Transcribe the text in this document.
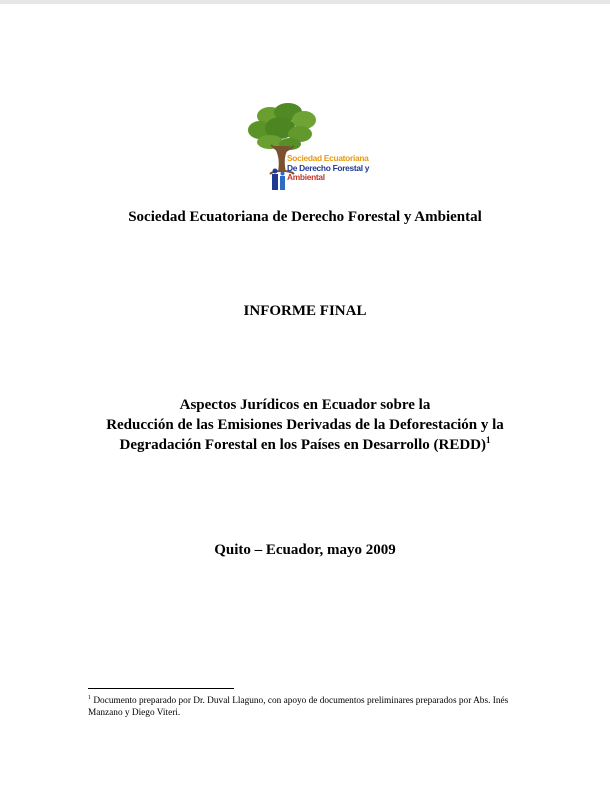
Sociedad Ecuatoriana
De Derecho Forestal y
Ambiental
Sociedad Ecuatoriana de Derecho Forestal y Ambiental
INFORME FINAL
Aspectos Jurídicos en Ecuador sobre la
Reducción de las Emisiones Derivadas de la Deforestación y la
Degradación Forestal en los Países en Desarrollo (REDD)$^1$
Quito – Ecuador, mayo 2009
$^1$ Documento preparado por Dr. Duval Llaguno, con apoyo de documentos preliminares preparados por Abs. Inés Manzano y Diego Viteri.
